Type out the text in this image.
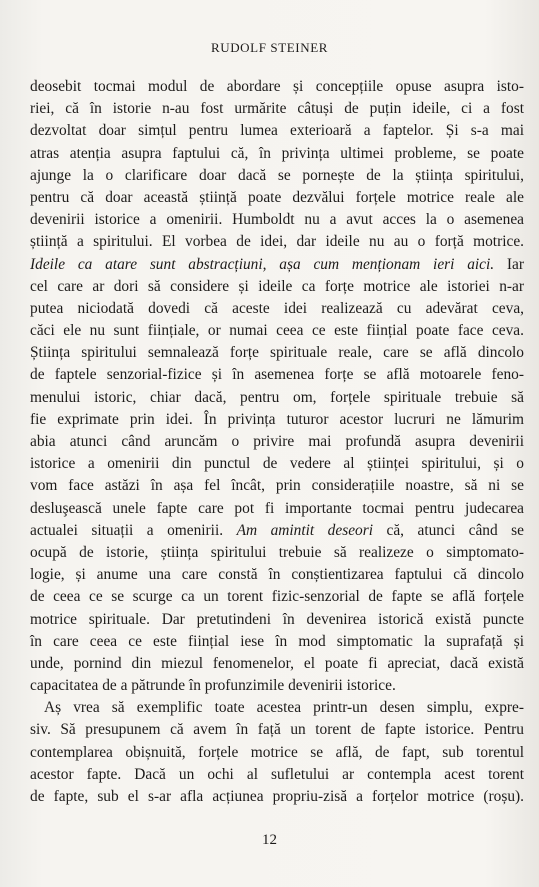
RUDOLF STEINER
deosebit tocmai modul de abordare și concepțiile opuse asupra isto-
riei, că în istorie n-au fost urmărite câtuși de puțin ideile, ci a fost
dezvoltat doar simțul pentru lumea exterioară a faptelor. Și s-a mai
atras atenția asupra faptului că, în privința ultimei probleme, se poate
ajunge la o clarificare doar dacă se pornește de la știința spiritului,
pentru că doar această știință poate dezvălui forțele motrice reale ale
devenirii istorice a omenirii. Humboldt nu a avut acces la o asemenea
știință a spiritului. El vorbea de idei, dar ideile nu au o forță motrice.
Ideile ca atare sunt abstracțiuni, așa cum menționam ieri aici. Iar
cel care ar dori să considere și ideile ca forțe motrice ale istoriei n-ar
putea niciodată dovedi că aceste idei realizează cu adevărat ceva,
căci ele nu sunt ființiale, or numai ceea ce este ființial poate face ceva.
Știința spiritului semnalează forțe spirituale reale, care se află dincolo
de faptele senzorial-fizice și în asemenea forțe se află motoarele feno-
menului istoric, chiar dacă, pentru om, forțele spirituale trebuie să
fie exprimate prin idei. În privința tuturor acestor lucruri ne lămurim
abia atunci când aruncăm o privire mai profundă asupra devenirii
istorice a omenirii din punctul de vedere al științei spiritului, și o
vom face astăzi în așa fel încât, prin considerațiile noastre, să ni se
desluşească unele fapte care pot fi importante tocmai pentru judecarea
actualei situații a omenirii. Am amintit deseori că, atunci când se
ocupă de istorie, știința spiritului trebuie să realizeze o simptomato-
logie, și anume una care constă în conștientizarea faptului că dincolo
de ceea ce se scurge ca un torent fizic-senzorial de fapte se află forțele
motrice spirituale. Dar pretutindeni în devenirea istorică există puncte
în care ceea ce este ființial iese în mod simptomatic la suprafață și
unde, pornind din miezul fenomenelor, el poate fi apreciat, dacă există
capacitatea de a pătrunde în profunzimile devenirii istorice.
Aș vrea să exemplific toate acestea printr-un desen simplu, expre-
siv. Să presupunem că avem în față un torent de fapte istorice. Pentru
contemplarea obișnuită, forțele motrice se află, de fapt, sub torentul
acestor fapte. Dacă un ochi al sufletului ar contempla acest torent
de fapte, sub el s-ar afla acțiunea propriu-zisă a forțelor motrice (roșu).
12
